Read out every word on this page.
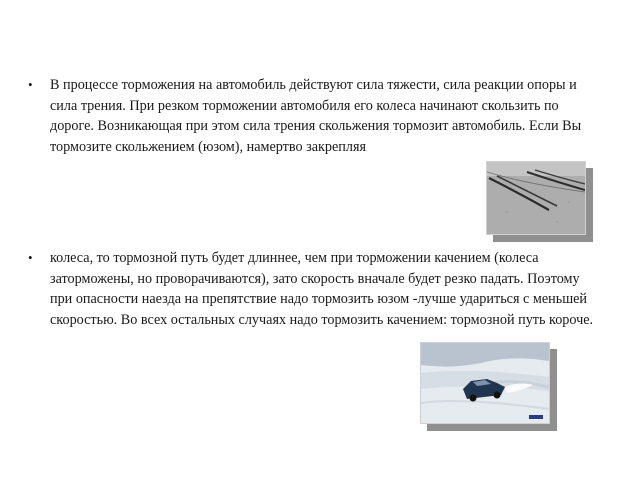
• В процессе торможения на автомобиль действуют сила тяжести, сила реакции опоры и сила трения. При резком торможении автомобиля его колеса начинают скользить по дороге. Возникающая при этом сила трения скольжения тормозит автомобиль. Если Вы тормозите скольжением (юзом), намертво закрепляя
• колеса, то тормозной путь будет длиннее, чем при торможении качением (колеса заторможены, но проворачиваются), зато скорость вначале будет резко падать. Поэтому при опасности наезда на препятствие надо тормозить юзом -лучше удариться с меньшей скоростью. Во всех остальных случаях надо тормозить качением: тормозной путь короче.
